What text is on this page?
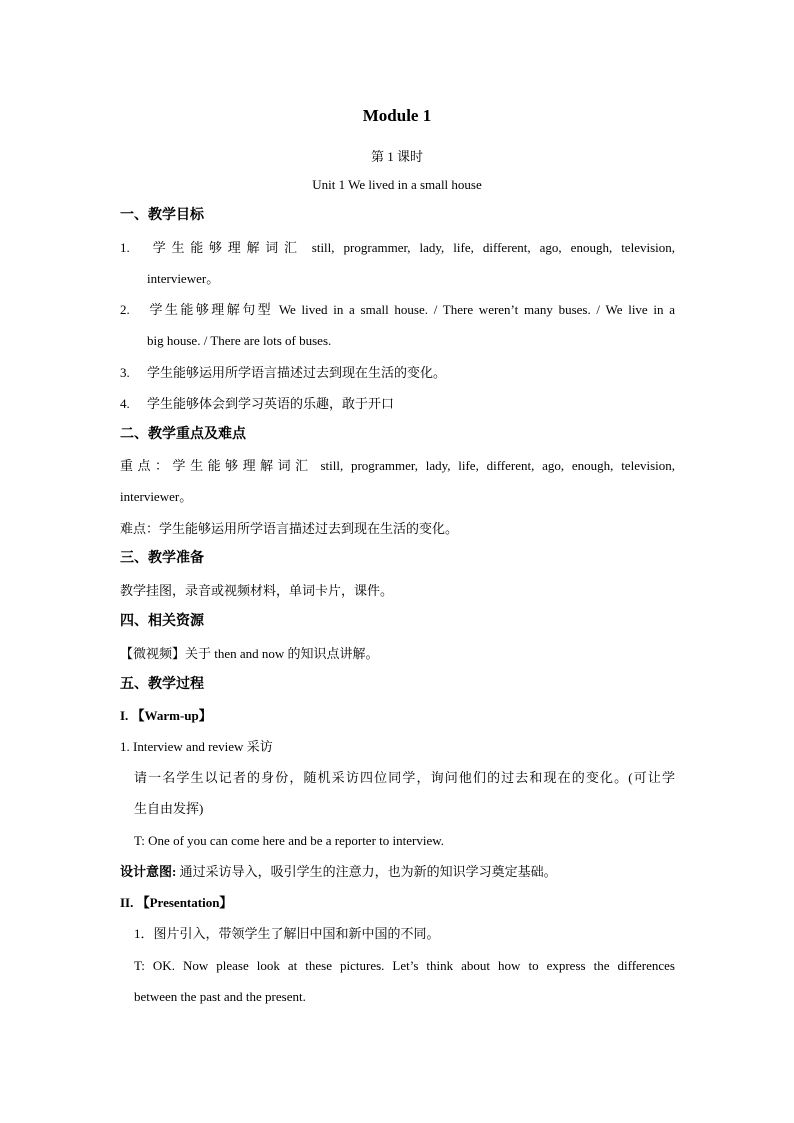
Module 1
第 1 课时
Unit 1 We lived in a small house
一、教学目标
1. 学生能够理解词汇 still, programmer, lady, life, different, ago, enough, television,
interviewer。
2. 学生能够理解句型 We lived in a small house. / There weren’t many buses. / We live in a
big house. / There are lots of buses.
3. 学生能够运用所学语言描述过去到现在生活的变化。
4. 学生能够体会到学习英语的乐趣，敢于开口
二、教学重点及难点
重点：学生能够理解词汇 still, programmer, lady, life, different, ago, enough, television,
interviewer。
难点：学生能够运用所学语言描述过去到现在生活的变化。
三、教学准备
教学挂图，录音或视频材料，单词卡片，课件。
四、相关资源
【微视频】关于 then and now 的知识点讲解。
五、教学过程
I. 【Warm-up】
1. Interview and review 采访
请一名学生以记者的身份，随机采访四位同学，询问他们的过去和现在的变化。(可让学
生自由发挥)
T: One of you can come here and be a reporter to interview.
设计意图: 通过采访导入，吸引学生的注意力，也为新的知识学习奠定基础。
II. 【Presentation】
1．图片引入，带领学生了解旧中国和新中国的不同。
T: OK. Now please look at these pictures. Let’s think about how to express the differences
between the past and the present.
